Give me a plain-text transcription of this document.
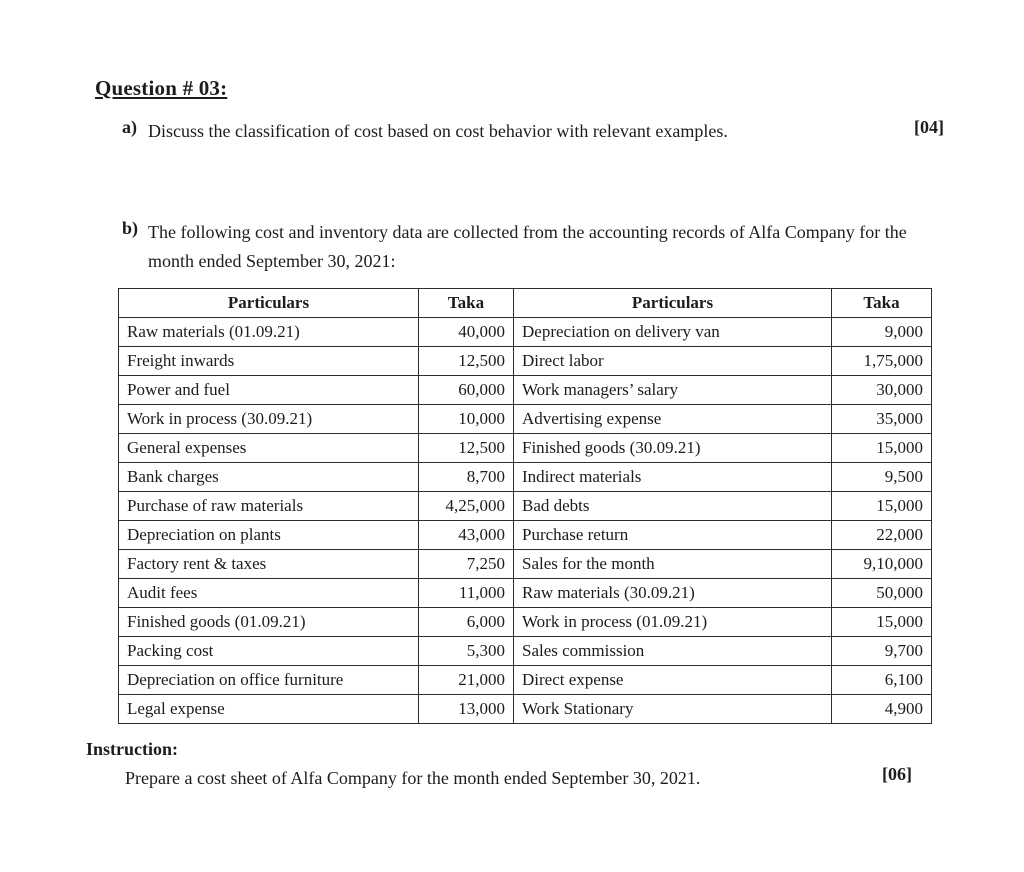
Question # 03:
a) Discuss the classification of cost based on cost behavior with relevant examples.	[04]
b) The following cost and inventory data are collected from the accounting records of Alfa Company for the month ended September 30, 2021:
Particulars	Taka	Particulars	Taka
Raw materials (01.09.21)	40,000	Depreciation on delivery van	9,000
Freight inwards	12,500	Direct labor	1,75,000
Power and fuel	60,000	Work managers’ salary	30,000
Work in process (30.09.21)	10,000	Advertising expense	35,000
General expenses	12,500	Finished goods (30.09.21)	15,000
Bank charges	8,700	Indirect materials	9,500
Purchase of raw materials	4,25,000	Bad debts	15,000
Depreciation on plants	43,000	Purchase return	22,000
Factory rent & taxes	7,250	Sales for the month	9,10,000
Audit fees	11,000	Raw materials (30.09.21)	50,000
Finished goods (01.09.21)	6,000	Work in process (01.09.21)	15,000
Packing cost	5,300	Sales commission	9,700
Depreciation on office furniture	21,000	Direct expense	6,100
Legal expense	13,000	Work Stationary	4,900
Instruction:
Prepare a cost sheet of Alfa Company for the month ended September 30, 2021.	[06]
